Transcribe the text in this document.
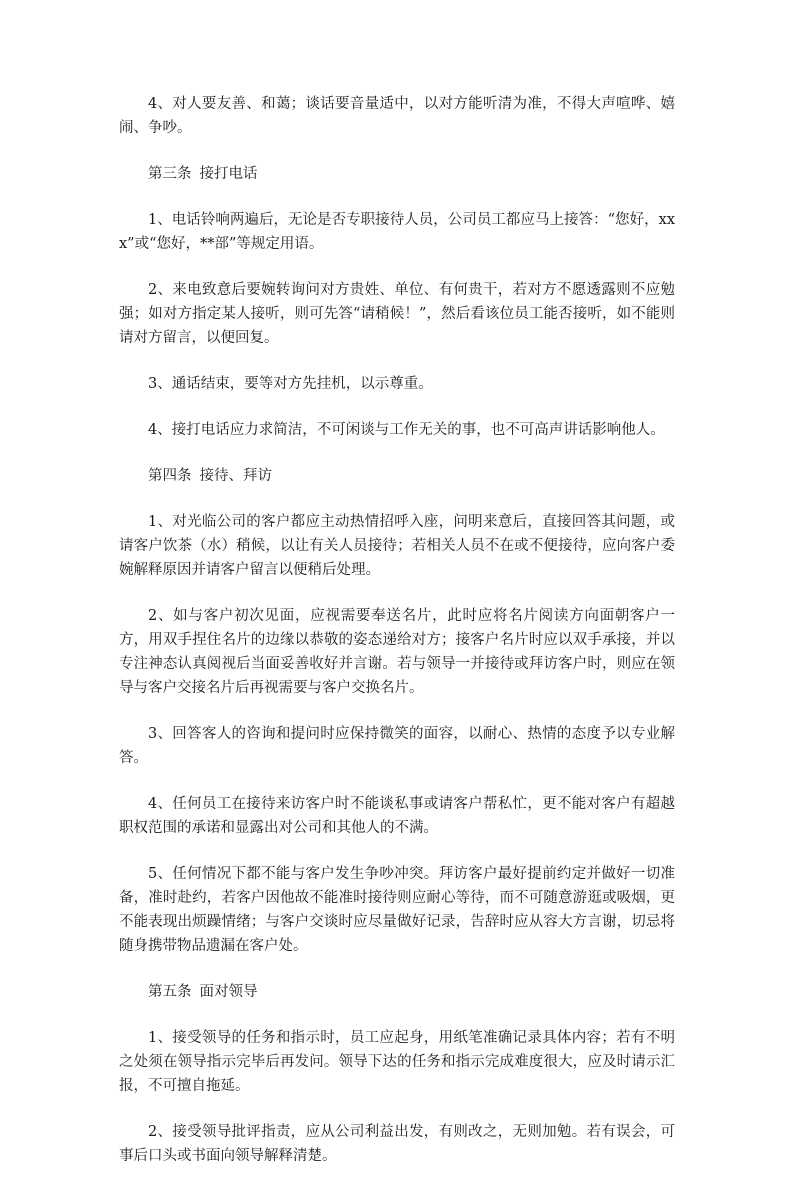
4、对人要友善、和蔼；谈话要音量适中，以对方能听清为准，不得大声喧哗、嬉闹、争吵。

第三条 接打电话

1、电话铃响两遍后，无论是否专职接待人员，公司员工都应马上接答：“您好，xxx”或“您好，**部”等规定用语。

2、来电致意后要婉转询问对方贵姓、单位、有何贵干，若对方不愿透露则不应勉强；如对方指定某人接听，则可先答“请稍候！”，然后看该位员工能否接听，如不能则请对方留言，以便回复。

3、通话结束，要等对方先挂机，以示尊重。

4、接打电话应力求简洁，不可闲谈与工作无关的事，也不可高声讲话影响他人。

第四条 接待、拜访

1、对光临公司的客户都应主动热情招呼入座，问明来意后，直接回答其问题，或请客户饮茶（水）稍候，以让有关人员接待；若相关人员不在或不便接待，应向客户委婉解释原因并请客户留言以便稍后处理。

2、如与客户初次见面，应视需要奉送名片，此时应将名片阅读方向面朝客户一方，用双手捏住名片的边缘以恭敬的姿态递给对方；接客户名片时应以双手承接，并以专注神态认真阅视后当面妥善收好并言谢。若与领导一并接待或拜访客户时，则应在领导与客户交接名片后再视需要与客户交换名片。

3、回答客人的咨询和提问时应保持微笑的面容，以耐心、热情的态度予以专业解答。

4、任何员工在接待来访客户时不能谈私事或请客户帮私忙，更不能对客户有超越职权范围的承诺和显露出对公司和其他人的不满。

5、任何情况下都不能与客户发生争吵冲突。拜访客户最好提前约定并做好一切准备，准时赴约，若客户因他故不能准时接待则应耐心等待，而不可随意游逛或吸烟，更不能表现出烦躁情绪；与客户交谈时应尽量做好记录，告辞时应从容大方言谢，切忌将随身携带物品遗漏在客户处。

第五条 面对领导

1、接受领导的任务和指示时，员工应起身，用纸笔准确记录具体内容；若有不明之处须在领导指示完毕后再发问。领导下达的任务和指示完成难度很大，应及时请示汇报，不可擅自拖延。

2、接受领导批评指责，应从公司利益出发，有则改之，无则加勉。若有误会，可事后口头或书面向领导解释清楚。
